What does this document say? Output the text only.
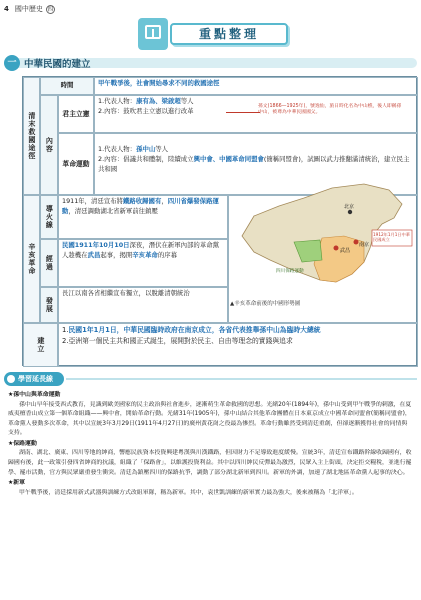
4 國中歷史 四
重點整理
一 中華民國的建立
清末救國途徑
時間	甲午戰爭後，社會開始尋求不同的救國途徑
內容
君主立憲
1.代表人物：康有為、梁啟超等人
2.內容：鼓吹君主立憲以進行改革
革命運動
1.代表人物：孫中山等人
2.內容：倡議共和體制，陸續成立興中會、中國革命同盟會(簡稱同盟會)，試圖以武力推翻滿清統治，建立民主共和國
辛亥革命
導火線
1911年，清廷宣布將鐵路收歸國有，四川省爆發保路運動，清廷調動湖北省新軍前往鎮壓
經過
民國1911年10月10日深夜，潛伏在新軍內部的革命黨人趁機在武昌起事，揭開辛亥革命的序幕
發展
長江以南各省相繼宣布獨立，以脫離清朝統治
建立
1.民國1年1月1日，中華民國臨時政府在南京成立，各省代表推舉孫中山為臨時大總統
2.亞洲第一個民主共和國正式誕生，展開對於民主、自由等理念的實踐與追求
孫文(1866—1925年)，號逸仙，旅日時化名為中山樵，後人即稱孫中山，被尊為中華民國國父。
武昌
南京
北京
四川保路運動
1912年1月1日中華民國成立
▲辛亥革命前後的中國形勢圖
學習延長線
★孫中山與革命運動
孫中山早年接受西式教育，見識到歐美國家的民主政治與社會進步，逐漸萌生革命救國的思想。光緒20年(1894年)，孫中山受到甲午戰爭的刺激，在夏威夷檀香山成立第一個革命組織——興中會，開始革命行動。光緒31年(1905年)，孫中山結合其他革命團體在日本東京成立中國革命同盟會(簡稱同盟會)，革命黨人發動多次革命，其中以宣統3年3月29日(1911年4月27日)的廣州黃花崗之役最為慘烈。革命行動雖然受到清廷重創，但卻逐漸獲得社會的同情與支持。
★保路運動
湖南、湖北、廣東、四川等地的紳商，響應民族資本投資興建粵漢與川漢鐵路，但因財力不足導致進度緩慢。宣統3年，清廷宣布鐵路幹線收歸國有，收歸國有後，此一政策引發四省紳商的抗議，組織了「保路會」，以維護投資利益。其中以四川紳民反彈最為激烈，民眾入主上街頭，決定拒交糧稅，並進行罷學、罷市活動，官方與民眾嚴重發生衝突。清廷為鎮壓四川的保路抗爭，調動了部分湖北新軍到四川。新軍的外調，加速了湖北地區革命黨人起事的決心。
★新軍
甲午戰爭後，清廷採用新式武器與訓練方式改組軍隊，稱為新軍。其中，袁世凱訓練的新軍實力最為強大，後來被稱為「北洋軍」。
